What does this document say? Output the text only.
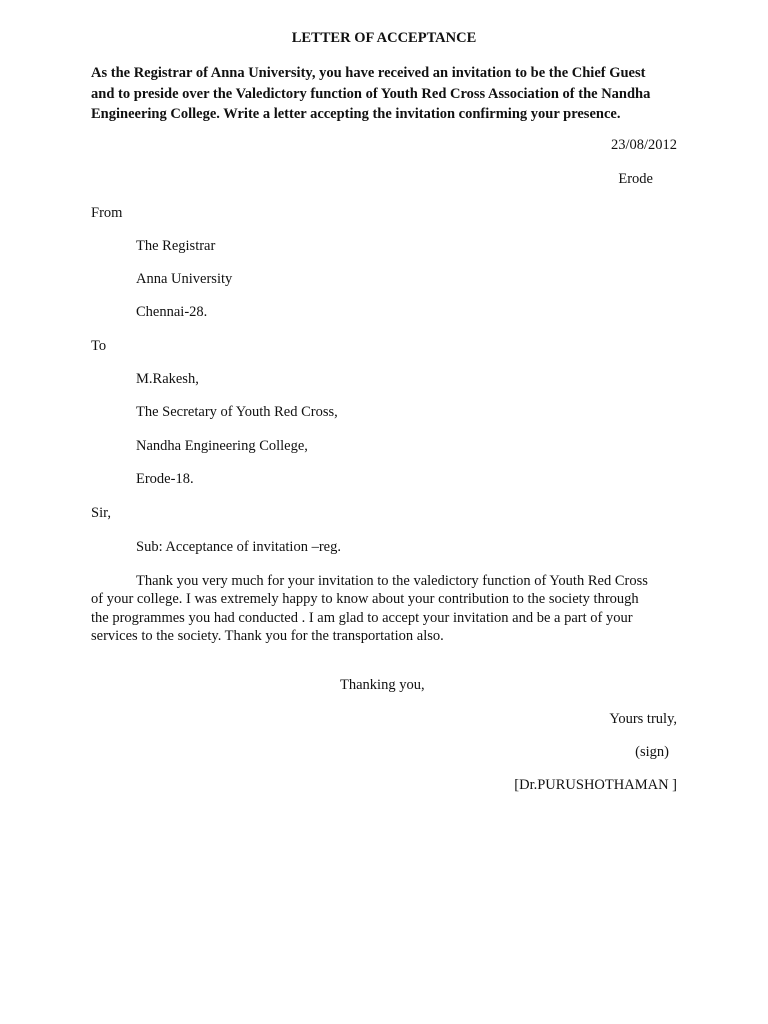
LETTER OF ACCEPTANCE
As the Registrar of Anna University, you have received an invitation to be the Chief Guest
and to preside over the Valedictory function of Youth Red Cross Association of the Nandha
Engineering College. Write a letter accepting the invitation confirming your presence.
23/08/2012
Erode
From
The Registrar
Anna University
Chennai-28.
To
M.Rakesh,
The Secretary of Youth Red Cross,
Nandha Engineering College,
Erode-18.
Sir,
Sub: Acceptance of invitation –reg.
Thank you very much for your invitation to the valedictory function of Youth Red Cross
of your college. I was extremely happy to know about your contribution to the society through
the programmes you had conducted . I am glad to accept your invitation and be a part of your
services to the society. Thank you for the transportation also.
Thanking you,
Yours truly,
(sign)
[Dr.PURUSHOTHAMAN ]
